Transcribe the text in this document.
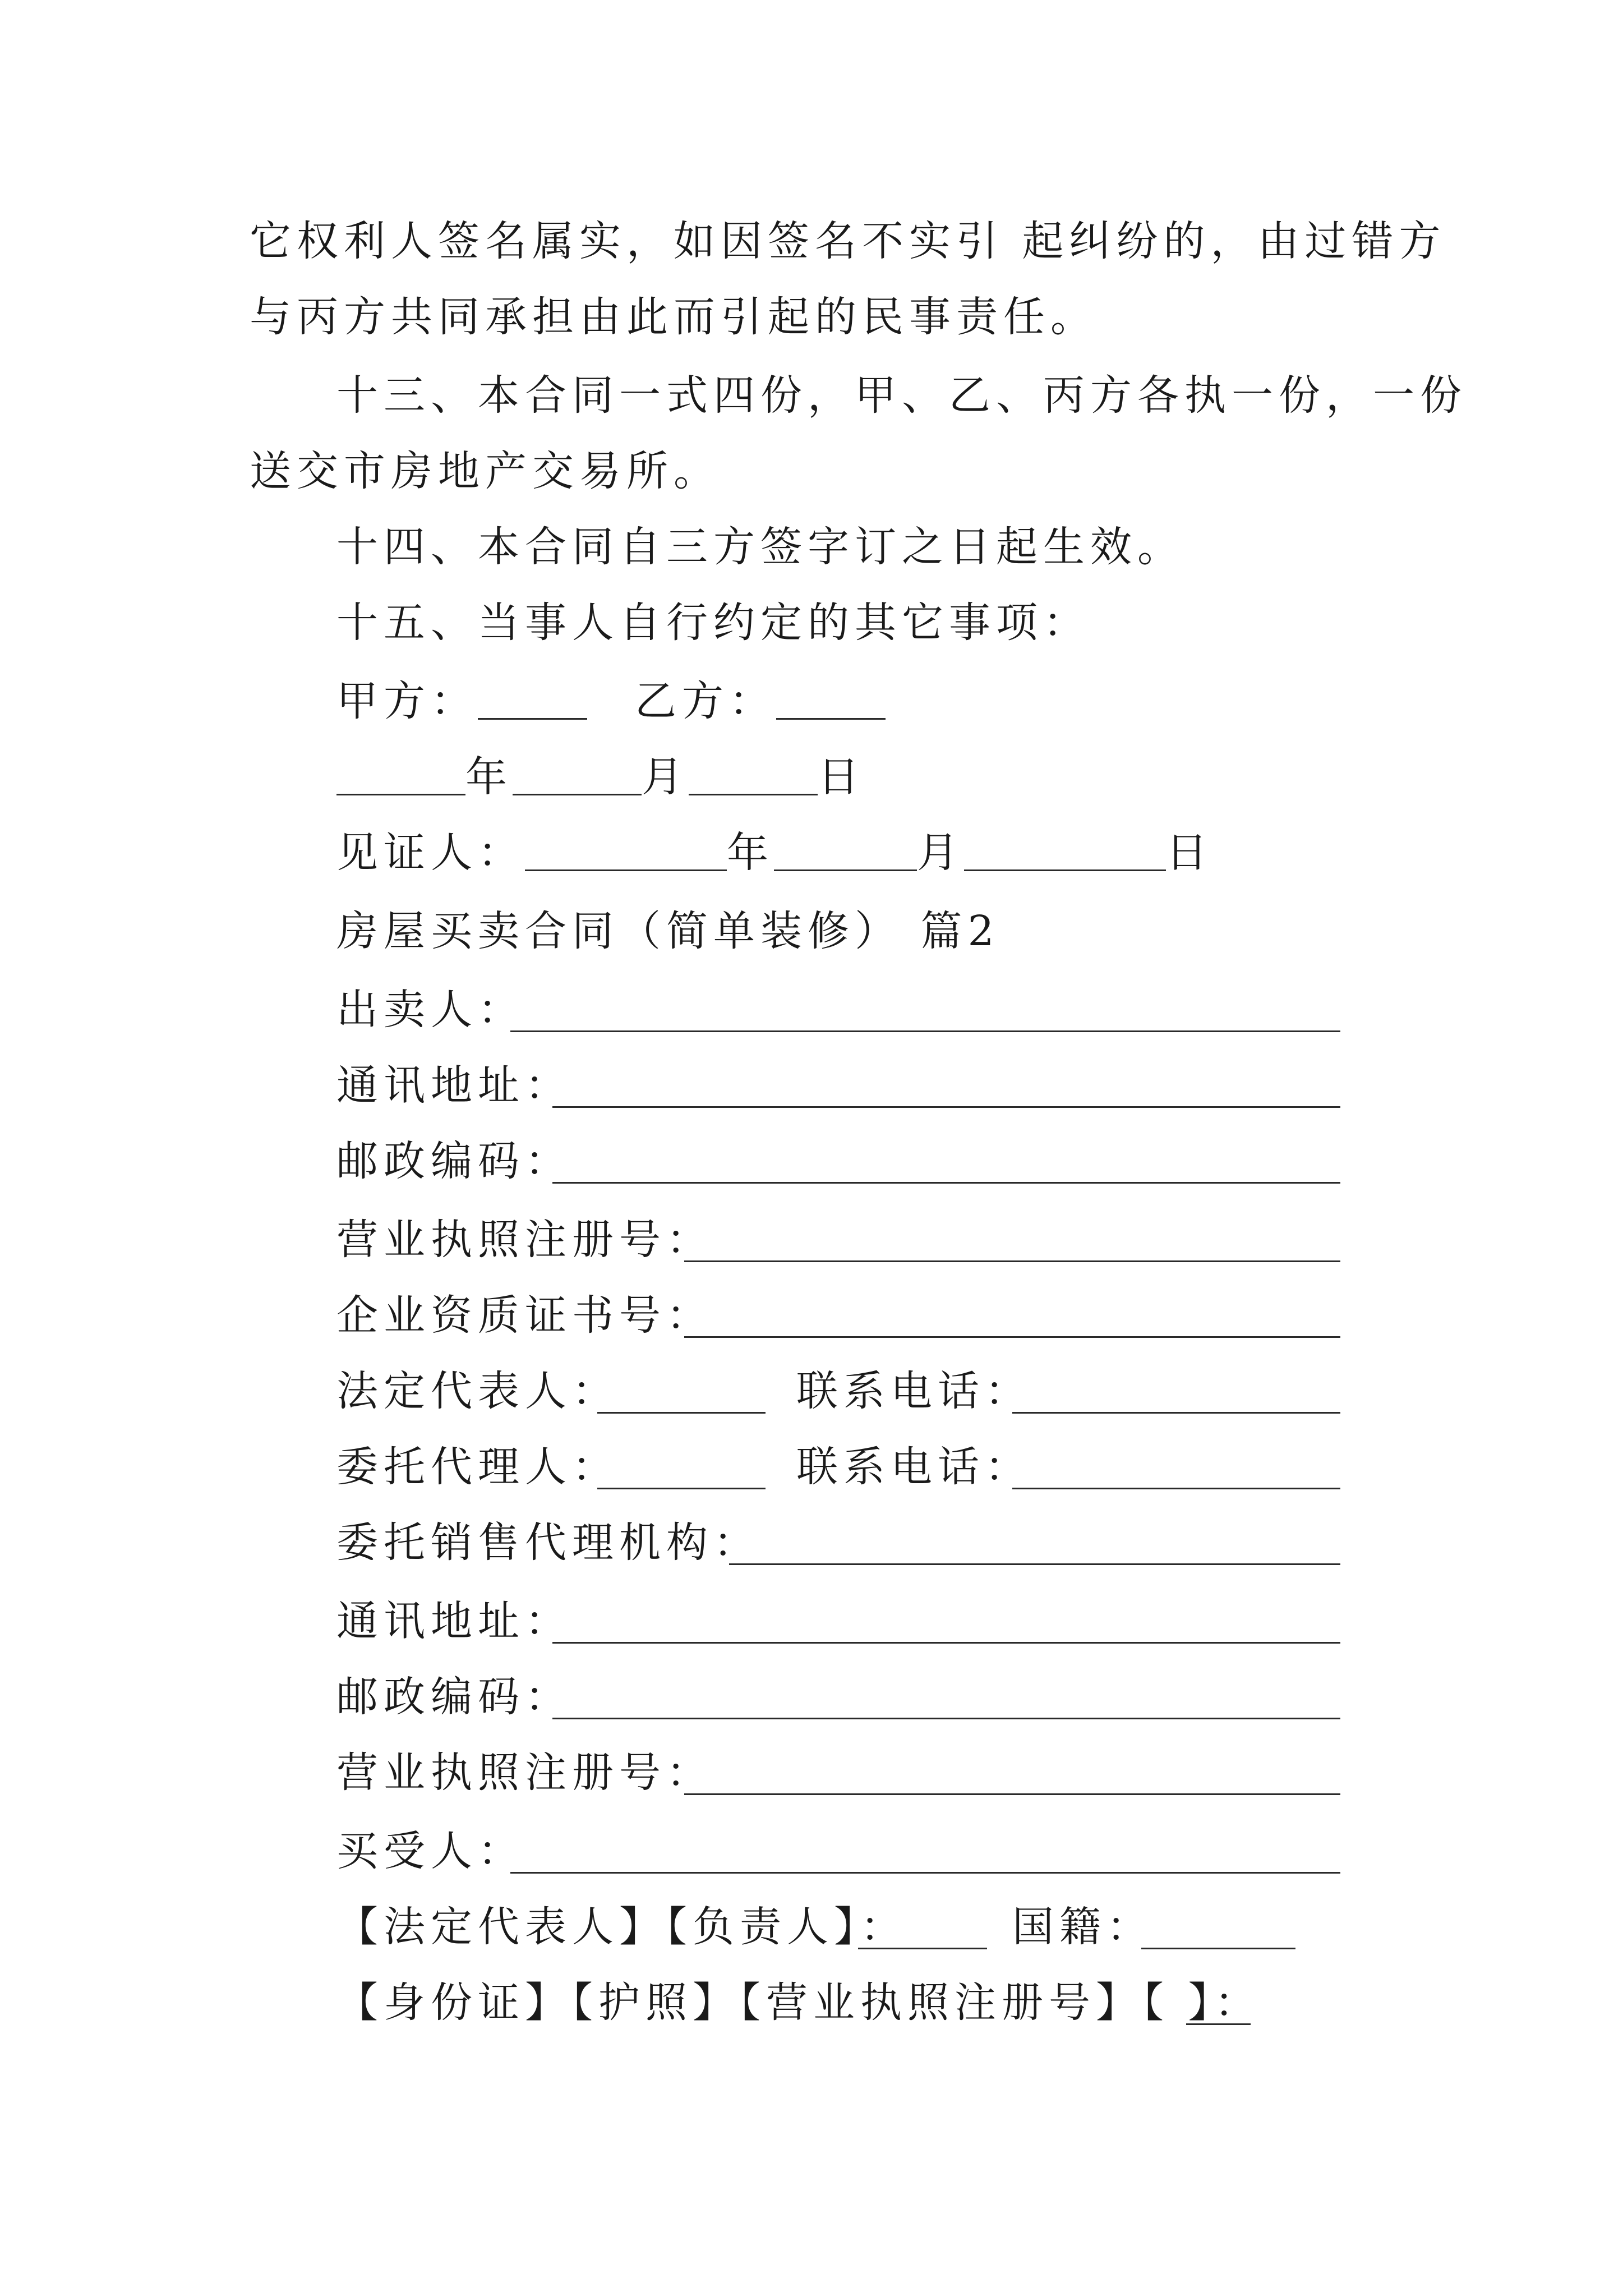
它权利人签名属实，如因签名不实引 起纠纷的，由过错方
与丙方共同承担由此而引起的民事责任。
十三、本合同一式四份，甲、乙、丙方各执一份，一份
送交市房地产交易所。
十四、本合同自三方签字订之日起生效。
十五、当事人自行约定的其它事项：
甲方：	乙方：
年	月	日
见证人：	年	月	日
房屋买卖合同（简单装修） 篇2
出卖人：
通讯地址：
邮政编码：
营业执照注册号：
企业资质证书号：
法定代表人：	联系电话：
委托代理人：	联系电话：
委托销售代理机构：
通讯地址：
邮政编码：
营业执照注册号：
买受人：
【法定代表人】【负责人】：	国籍：
【身份证】【护照】【营业执照注册号】【 】：
